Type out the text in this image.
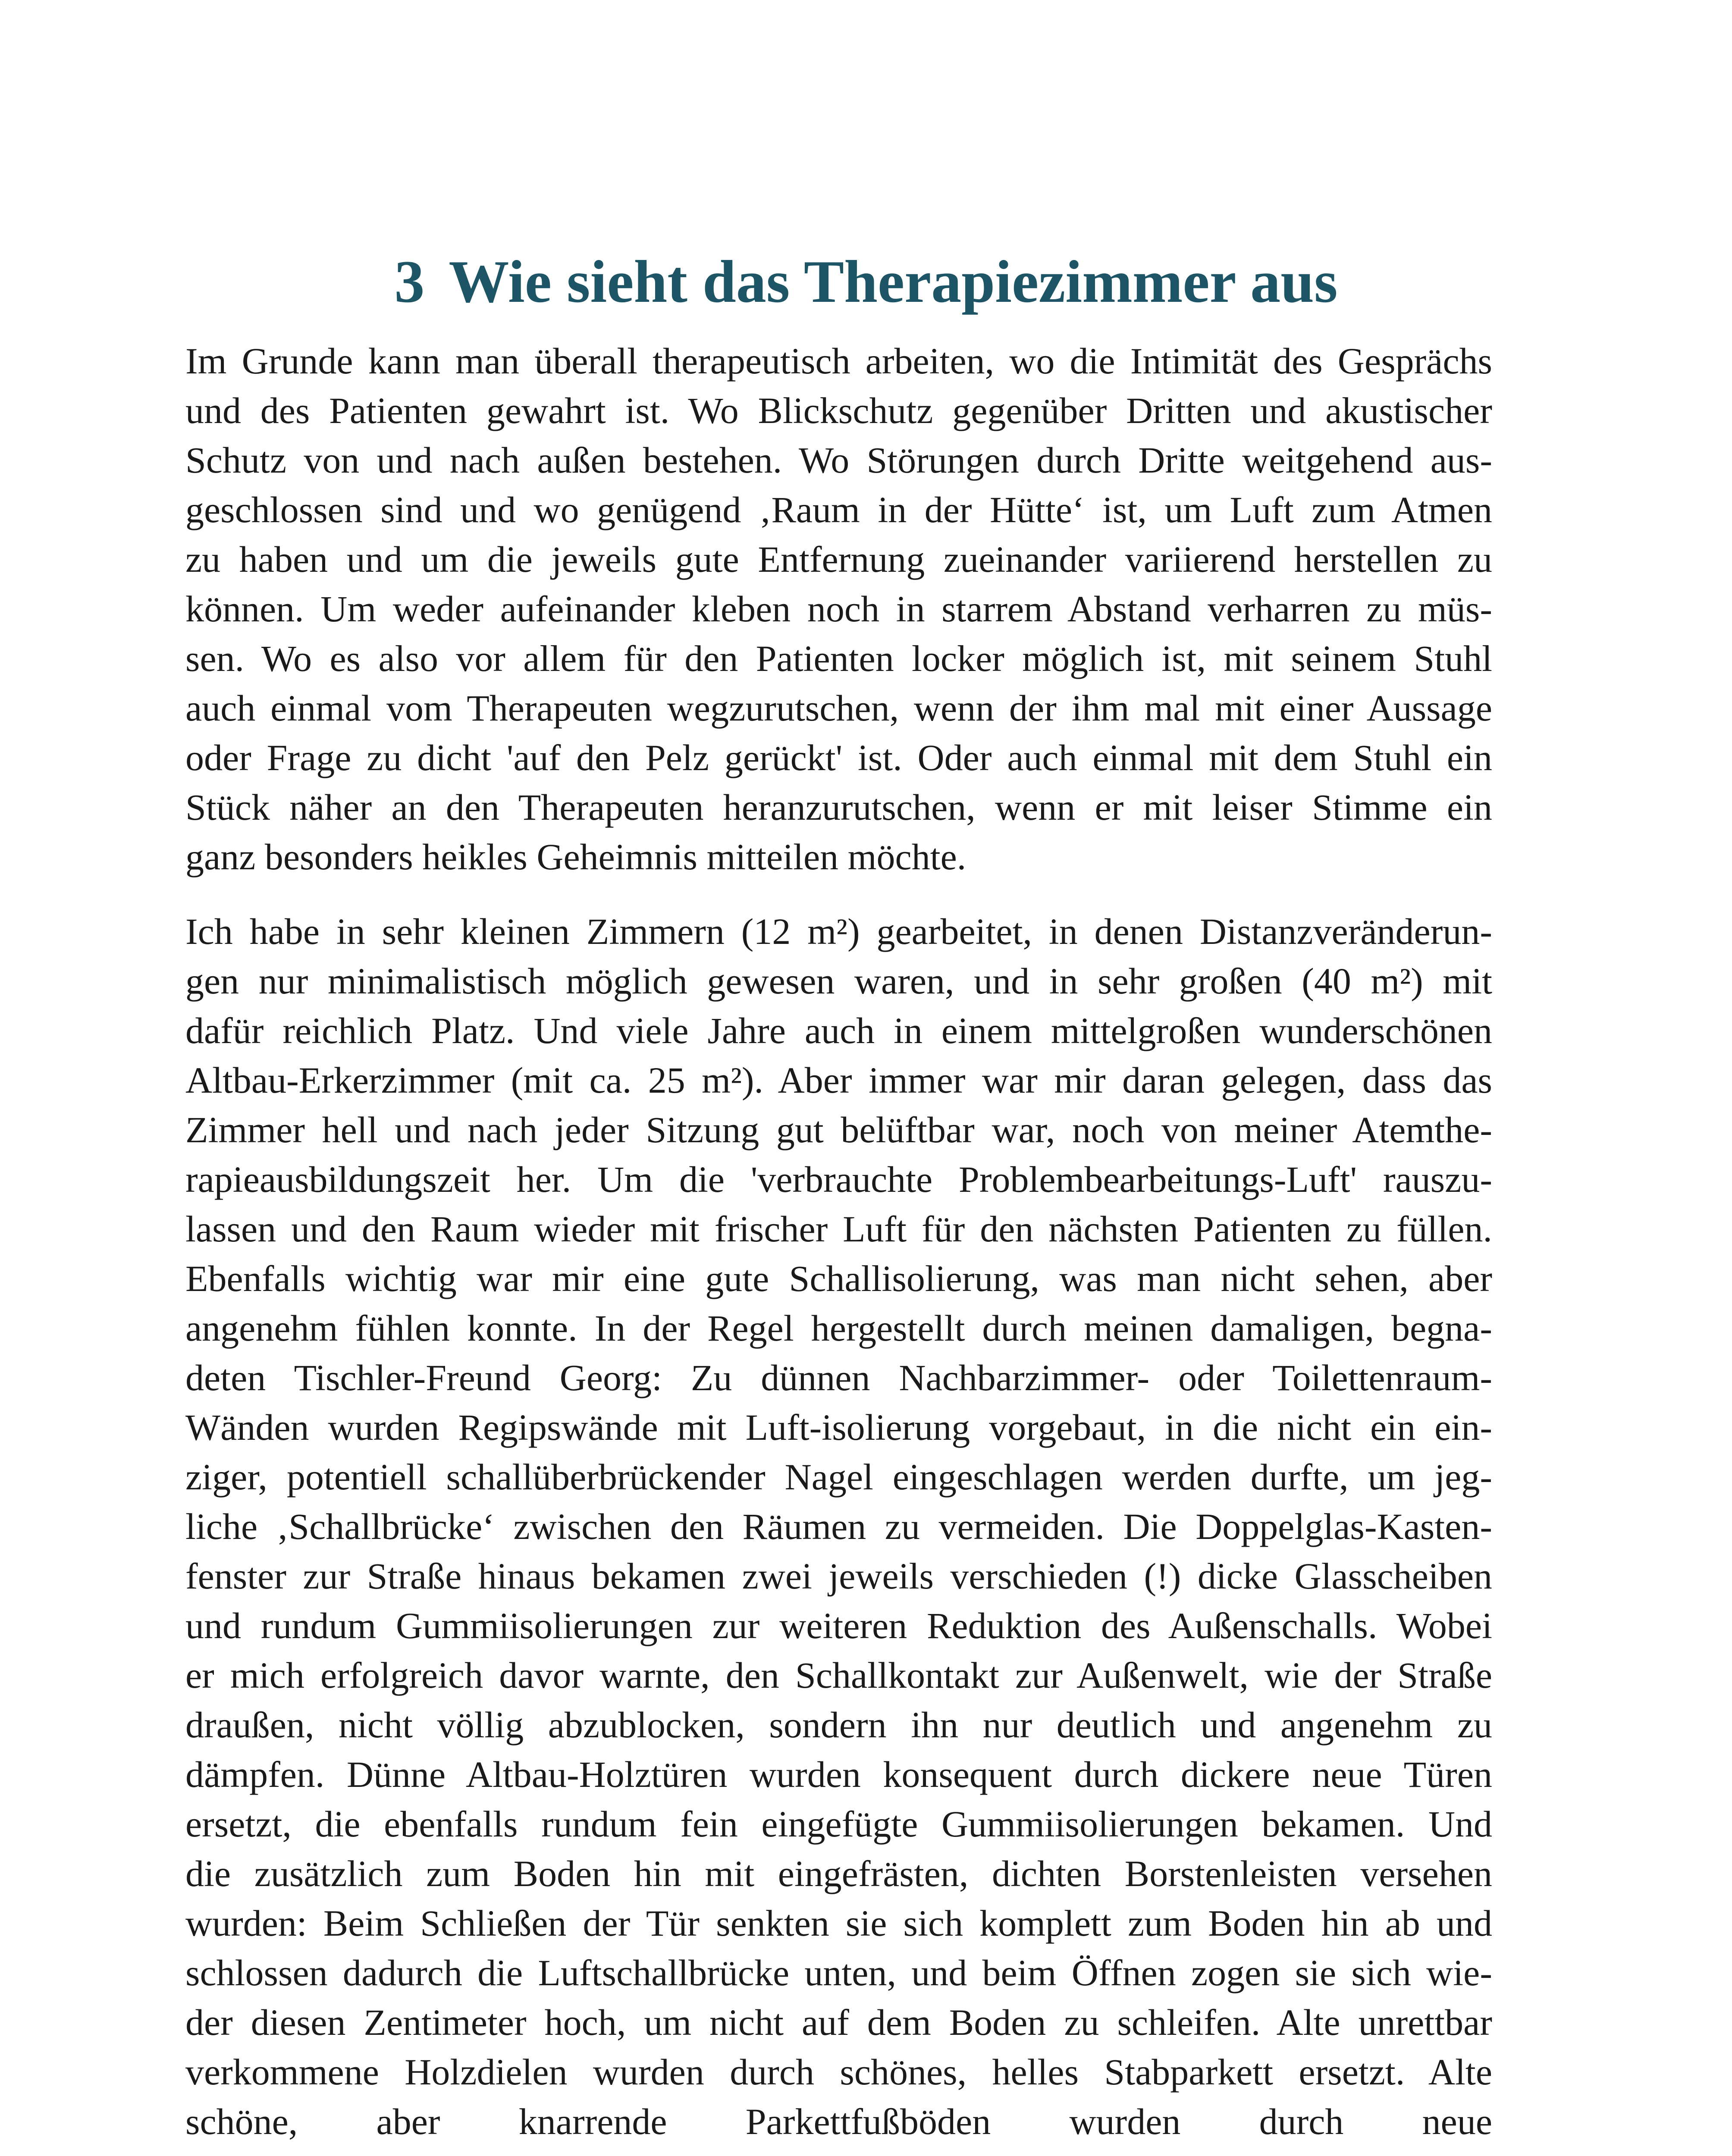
3 Wie sieht das Therapiezimmer aus
Im Grunde kann man überall therapeutisch arbeiten, wo die Intimität des Gesprächs
und des Patienten gewahrt ist. Wo Blickschutz gegenüber Dritten und akustischer
Schutz von und nach außen bestehen. Wo Störungen durch Dritte weitgehend aus-
geschlossen sind und wo genügend ‚Raum in der Hütte‘ ist, um Luft zum Atmen
zu haben und um die jeweils gute Entfernung zueinander variierend herstellen zu
können. Um weder aufeinander kleben noch in starrem Abstand verharren zu müs-
sen. Wo es also vor allem für den Patienten locker möglich ist, mit seinem Stuhl
auch einmal vom Therapeuten wegzurutschen, wenn der ihm mal mit einer Aussage
oder Frage zu dicht 'auf den Pelz gerückt' ist. Oder auch einmal mit dem Stuhl ein
Stück näher an den Therapeuten heranzurutschen, wenn er mit leiser Stimme ein
ganz besonders heikles Geheimnis mitteilen möchte.
Ich habe in sehr kleinen Zimmern (12 m²) gearbeitet, in denen Distanzveränderun-
gen nur minimalistisch möglich gewesen waren, und in sehr großen (40 m²) mit
dafür reichlich Platz. Und viele Jahre auch in einem mittelgroßen wunderschönen
Altbau-Erkerzimmer (mit ca. 25 m²). Aber immer war mir daran gelegen, dass das
Zimmer hell und nach jeder Sitzung gut belüftbar war, noch von meiner Atemthe-
rapieausbildungszeit her. Um die 'verbrauchte Problembearbeitungs-Luft' rauszu-
lassen und den Raum wieder mit frischer Luft für den nächsten Patienten zu füllen.
Ebenfalls wichtig war mir eine gute Schallisolierung, was man nicht sehen, aber
angenehm fühlen konnte. In der Regel hergestellt durch meinen damaligen, begna-
deten Tischler-Freund Georg: Zu dünnen Nachbarzimmer- oder Toilettenraum-
Wänden wurden Regipswände mit Luft-isolierung vorgebaut, in die nicht ein ein-
ziger, potentiell schallüberbrückender Nagel eingeschlagen werden durfte, um jeg-
liche ‚Schallbrücke‘ zwischen den Räumen zu vermeiden. Die Doppelglas-Kasten-
fenster zur Straße hinaus bekamen zwei jeweils verschieden (!) dicke Glasscheiben
und rundum Gummiisolierungen zur weiteren Reduktion des Außenschalls. Wobei
er mich erfolgreich davor warnte, den Schallkontakt zur Außenwelt, wie der Straße
draußen, nicht völlig abzublocken, sondern ihn nur deutlich und angenehm zu
dämpfen. Dünne Altbau-Holztüren wurden konsequent durch dickere neue Türen
ersetzt, die ebenfalls rundum fein eingefügte Gummiisolierungen bekamen. Und
die zusätzlich zum Boden hin mit eingefrästen, dichten Borstenleisten versehen
wurden: Beim Schließen der Tür senkten sie sich komplett zum Boden hin ab und
schlossen dadurch die Luftschallbrücke unten, und beim Öffnen zogen sie sich wie-
der diesen Zentimeter hoch, um nicht auf dem Boden zu schleifen. Alte unrettbar
verkommene Holzdielen wurden durch schönes, helles Stabparkett ersetzt. Alte
schöne, aber knarrende Parkettfußböden wurden durch neue
